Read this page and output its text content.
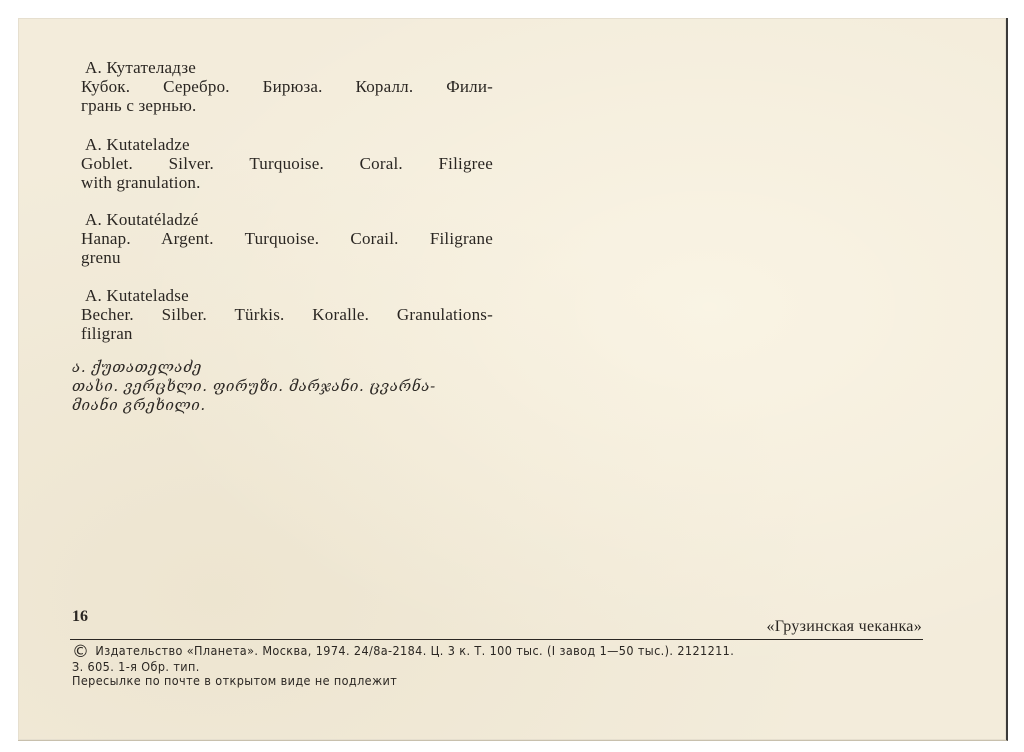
А. Кутателадзе
Кубок. Серебро. Бирюза. Коралл. Фили-
грань с зернью.
A. Kutateladze
Goblet. Silver. Turquoise. Coral. Filigree
with granulation.
A. Koutatéladzé
Hanap. Argent. Turquoise. Corail. Filigrane
grenu
A. Kutateladse
Becher. Silber. Türkis. Koralle. Granulations-
filigran
ა. ქუთათელაძე
თასი. ვერცხლი. ფირუზი. მარჯანი. ცვარნა-
მიანი გრეხილი.
16
«Грузинская чеканка»
© Издательство «Планета». Москва, 1974. 24/8а-2184. Ц. 3 к. Т. 100 тыс. (I завод 1—50 тыс.). 2121211.
З. 605. 1-я Обр. тип.
Пересылке по почте в открытом виде не подлежит
